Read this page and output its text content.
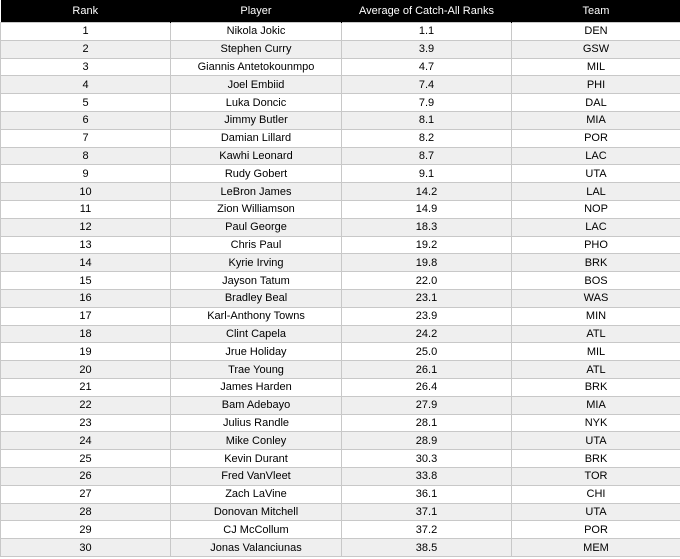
Rank	Player	Average of Catch-All Ranks	Team
1	Nikola Jokic	1.1	DEN
2	Stephen Curry	3.9	GSW
3	Giannis Antetokounmpo	4.7	MIL
4	Joel Embiid	7.4	PHI
5	Luka Doncic	7.9	DAL
6	Jimmy Butler	8.1	MIA
7	Damian Lillard	8.2	POR
8	Kawhi Leonard	8.7	LAC
9	Rudy Gobert	9.1	UTA
10	LeBron James	14.2	LAL
11	Zion Williamson	14.9	NOP
12	Paul George	18.3	LAC
13	Chris Paul	19.2	PHO
14	Kyrie Irving	19.8	BRK
15	Jayson Tatum	22.0	BOS
16	Bradley Beal	23.1	WAS
17	Karl-Anthony Towns	23.9	MIN
18	Clint Capela	24.2	ATL
19	Jrue Holiday	25.0	MIL
20	Trae Young	26.1	ATL
21	James Harden	26.4	BRK
22	Bam Adebayo	27.9	MIA
23	Julius Randle	28.1	NYK
24	Mike Conley	28.9	UTA
25	Kevin Durant	30.3	BRK
26	Fred VanVleet	33.8	TOR
27	Zach LaVine	36.1	CHI
28	Donovan Mitchell	37.1	UTA
29	CJ McCollum	37.2	POR
30	Jonas Valanciunas	38.5	MEM
